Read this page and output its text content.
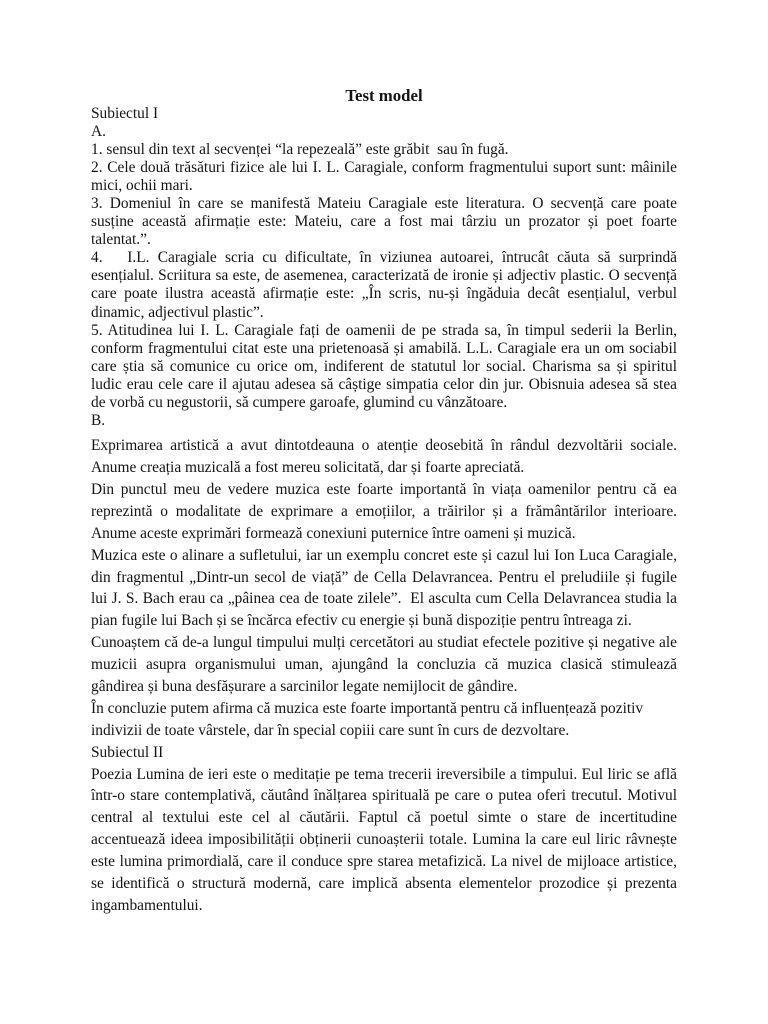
Test model
Subiectul I
A.
1. sensul din text al secvenței “la repezeală” este grăbit  sau în fugă.
2. Cele două trăsături fizice ale lui I. L. Caragiale, conform fragmentului suport sunt: mâinile
mici, ochii mari.
3. Domeniul în care se manifestă Mateiu Caragiale este literatura. O secvență care poate
susține această afirmație este: Mateiu, care a fost mai târziu un prozator și poet foarte
talentat.”.
4.   I.L. Caragiale scria cu dificultate, în viziunea autoarei, întrucât căuta să surprindă
esențialul. Scriitura sa este, de asemenea, caracterizată de ironie și adjectiv plastic. O secvență
care poate ilustra această afirmație este: „În scris, nu-și îngăduia decât esențialul, verbul
dinamic, adjectivul plastic”.
5. Atitudinea lui I. L. Caragiale fați de oamenii de pe strada sa, în timpul sederii la Berlin,
conform fragmentului citat este una prietenoasă și amabilă. L.L. Caragiale era un om sociabil
care știa să comunice cu orice om, indiferent de statutul lor social. Charisma sa și spiritul
ludic erau cele care il ajutau adesea să câștige simpatia celor din jur. Obisnuia adesea să stea
de vorbă cu negustorii, să cumpere garoafe, glumind cu vânzătoare.
B.
Exprimarea artistică a avut dintotdeauna o atenție deosebită în rândul dezvoltării sociale.
Anume creația muzicală a fost mereu solicitată, dar și foarte apreciată.
Din punctul meu de vedere muzica este foarte importantă în viața oamenilor pentru că ea
reprezintă o modalitate de exprimare a emoțiilor, a trăirilor și a frământărilor interioare.
Anume aceste exprimări formează conexiuni puternice între oameni și muzică.
Muzica este o alinare a sufletului, iar un exemplu concret este și cazul lui Ion Luca Caragiale,
din fragmentul „Dintr-un secol de viață” de Cella Delavrancea. Pentru el preludiile și fugile
lui J. S. Bach erau ca „pâinea cea de toate zilele”.  El asculta cum Cella Delavrancea studia la
pian fugile lui Bach și se încărca efectiv cu energie și bună dispoziție pentru întreaga zi.
Cunoaștem că de-a lungul timpului mulți cercetători au studiat efectele pozitive și negative ale
muzicii asupra organismului uman, ajungând la concluzia că muzica clasică stimulează
gândirea și buna desfășurare a sarcinilor legate nemijlocit de gândire.
În concluzie putem afirma că muzica este foarte importantă pentru că influențează pozitiv
indivizii de toate vârstele, dar în special copiii care sunt în curs de dezvoltare.
Subiectul II
Poezia Lumina de ieri este o meditație pe tema trecerii ireversibile a timpului. Eul liric se află
într-o stare contemplativă, căutând înălțarea spirituală pe care o putea oferi trecutul. Motivul
central al textului este cel al căutării. Faptul că poetul simte o stare de incertitudine
accentuează ideea imposibilității obținerii cunoașterii totale. Lumina la care eul liric râvnește
este lumina primordială, care il conduce spre starea metafizică. La nivel de mijloace artistice,
se identifică o structură modernă, care implică absenta elementelor prozodice și prezenta
ingambamentului.
